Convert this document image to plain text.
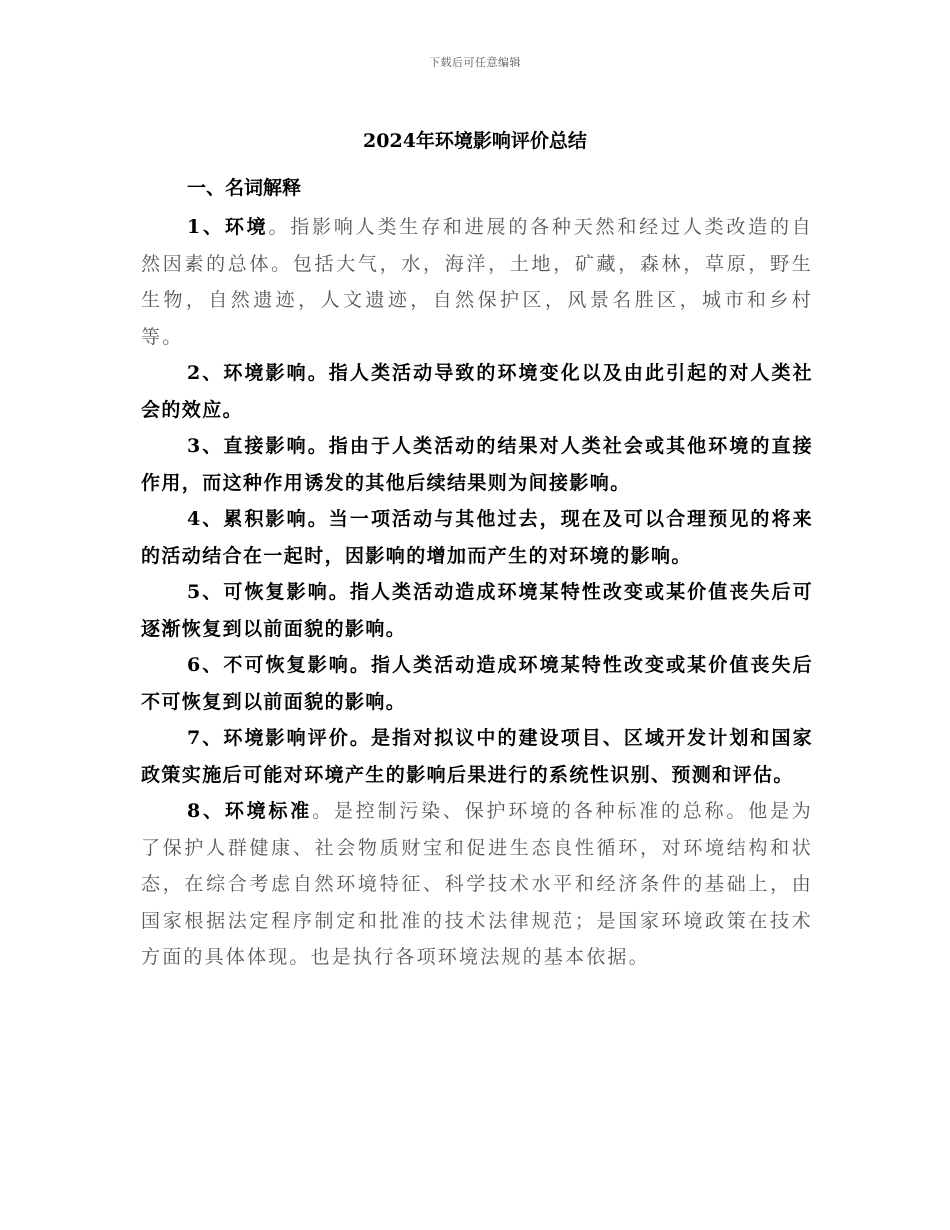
下载后可任意编辑
2024年环境影响评价总结

一、名词解释

1、环境。指影响人类生存和进展的各种天然和经过人类改造的自然因素的总体。包括大气，水，海洋，土地，矿藏，森林，草原，野生生物，自然遗迹，人文遗迹，自然保护区，风景名胜区，城市和乡村等。

2、环境影响。指人类活动导致的环境变化以及由此引起的对人类社会的效应。

3、直接影响。指由于人类活动的结果对人类社会或其他环境的直接作用，而这种作用诱发的其他后续结果则为间接影响。

4、累积影响。当一项活动与其他过去，现在及可以合理预见的将来的活动结合在一起时，因影响的增加而产生的对环境的影响。

5、可恢复影响。指人类活动造成环境某特性改变或某价值丧失后可逐渐恢复到以前面貌的影响。

6、不可恢复影响。指人类活动造成环境某特性改变或某价值丧失后不可恢复到以前面貌的影响。

7、环境影响评价。是指对拟议中的建设项目、区域开发计划和国家政策实施后可能对环境产生的影响后果进行的系统性识别、预测和评估。

8、环境标准。是控制污染、保护环境的各种标准的总称。他是为了保护人群健康、社会物质财宝和促进生态良性循环，对环境结构和状态，在综合考虑自然环境特征、科学技术水平和经济条件的基础上，由国家根据法定程序制定和批准的技术法律规范；是国家环境政策在技术方面的具体体现。也是执行各项环境法规的基本依据。
